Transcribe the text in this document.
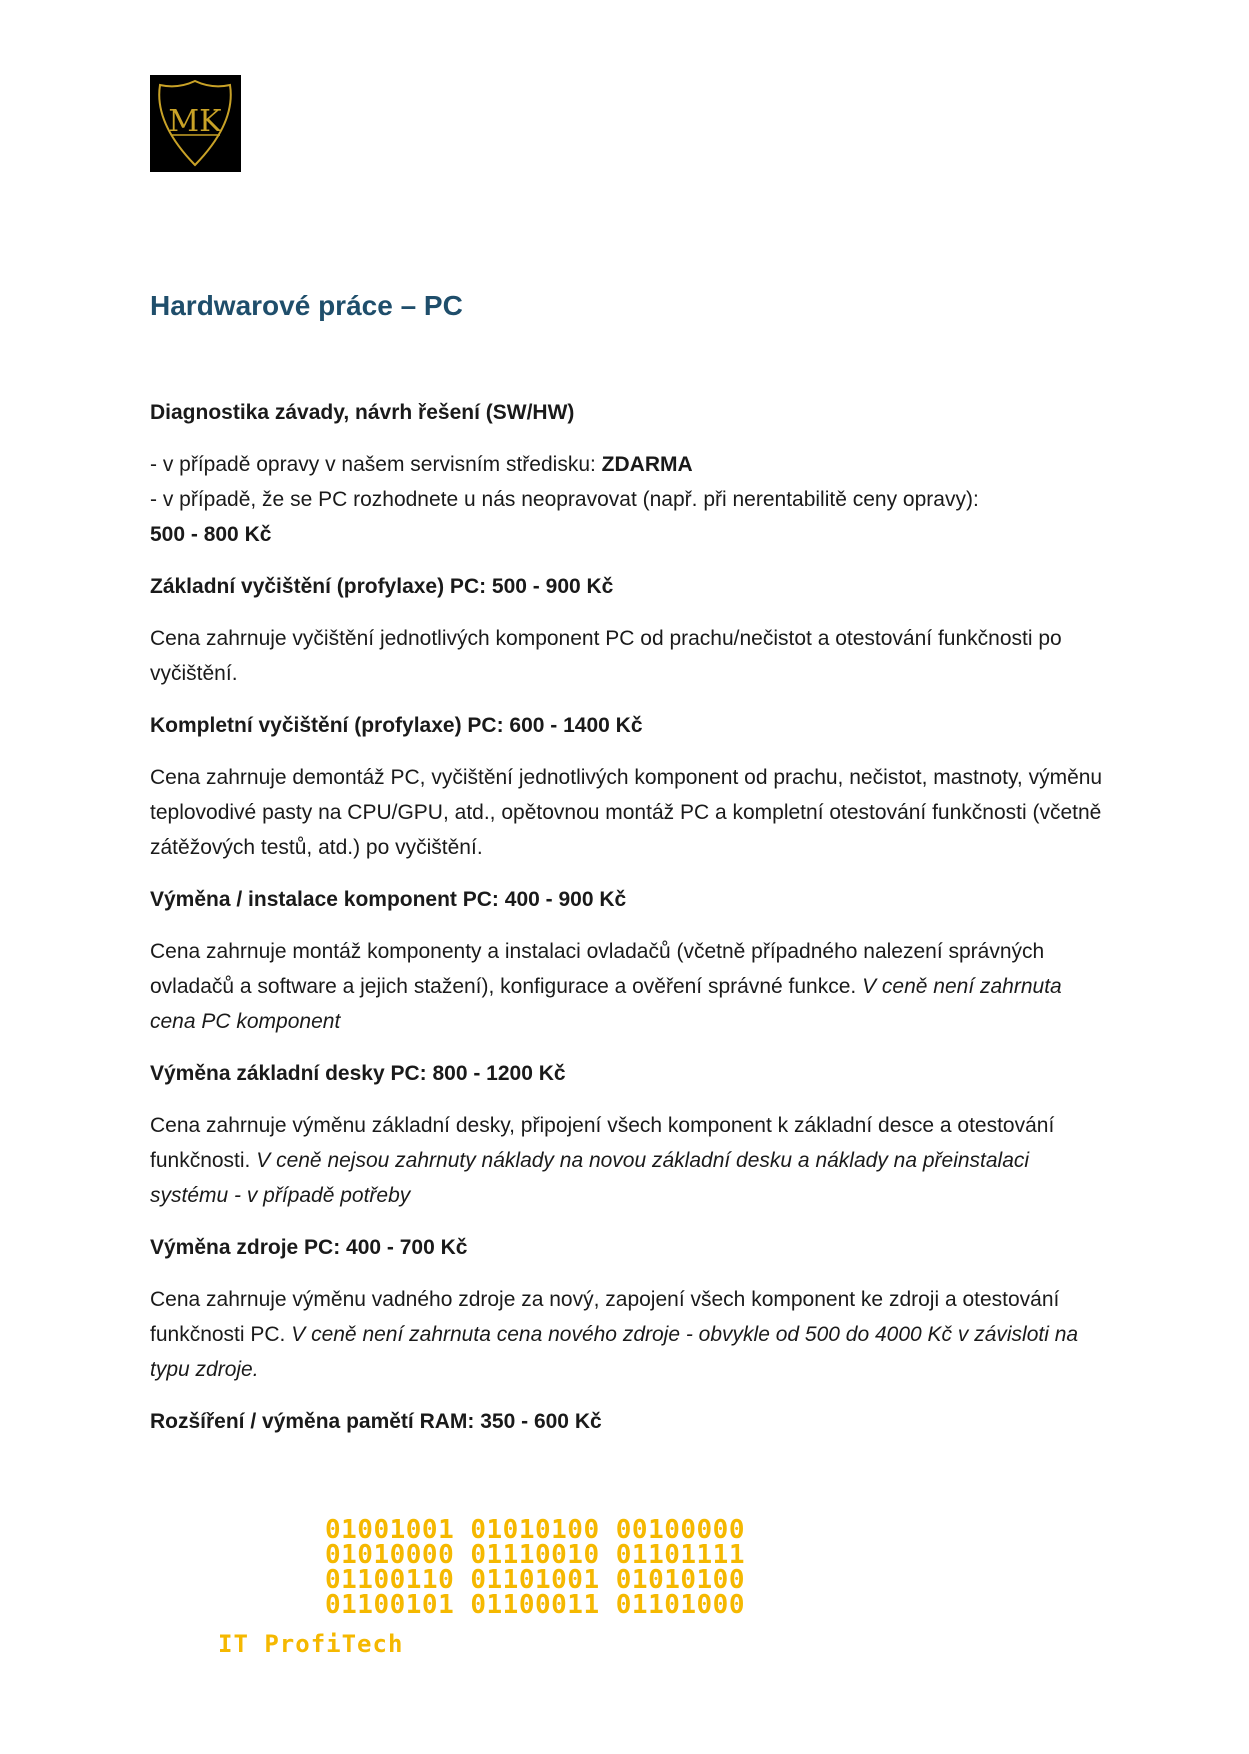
MK
Hardwarové práce – PC

Diagnostika závady, návrh řešení (SW/HW)

- v případě opravy v našem servisním středisku: ZDARMA
- v případě, že se PC rozhodnete u nás neopravovat (např. při nerentabilitě ceny opravy):
500 - 800 Kč

Základní vyčištění (profylaxe) PC: 500 - 900 Kč

Cena zahrnuje vyčištění jednotlivých komponent PC od prachu/nečistot a otestování funkčnosti po vyčištění.

Kompletní vyčištění (profylaxe) PC: 600 - 1400 Kč

Cena zahrnuje demontáž PC, vyčištění jednotlivých komponent od prachu, nečistot, mastnoty, výměnu teplovodivé pasty na CPU/GPU, atd., opětovnou montáž PC a kompletní otestování funkčnosti (včetně zátěžových testů, atd.) po vyčištění.

Výměna / instalace komponent PC: 400 - 900 Kč

Cena zahrnuje montáž komponenty a instalaci ovladačů (včetně případného nalezení správných ovladačů a software a jejich stažení), konfigurace a ověření správné funkce. V ceně není zahrnuta cena PC komponent

Výměna základní desky PC: 800 - 1200 Kč

Cena zahrnuje výměnu základní desky, připojení všech komponent k základní desce a otestování funkčnosti. V ceně nejsou zahrnuty náklady na novou základní desku a náklady na přeinstalaci systému - v případě potřeby

Výměna zdroje PC: 400 - 700 Kč

Cena zahrnuje výměnu vadného zdroje za nový, zapojení všech komponent ke zdroji a otestování funkčnosti PC. V ceně není zahrnuta cena nového zdroje - obvykle od 500 do 4000 Kč v závisloti na typu zdroje.

Rozšíření / výměna pamětí RAM: 350 - 600 Kč

01001001 01010100 00100000
01010000 01110010 01101111
01100110 01101001 01010100
01100101 01100011 01101000
IT ProfiTech
